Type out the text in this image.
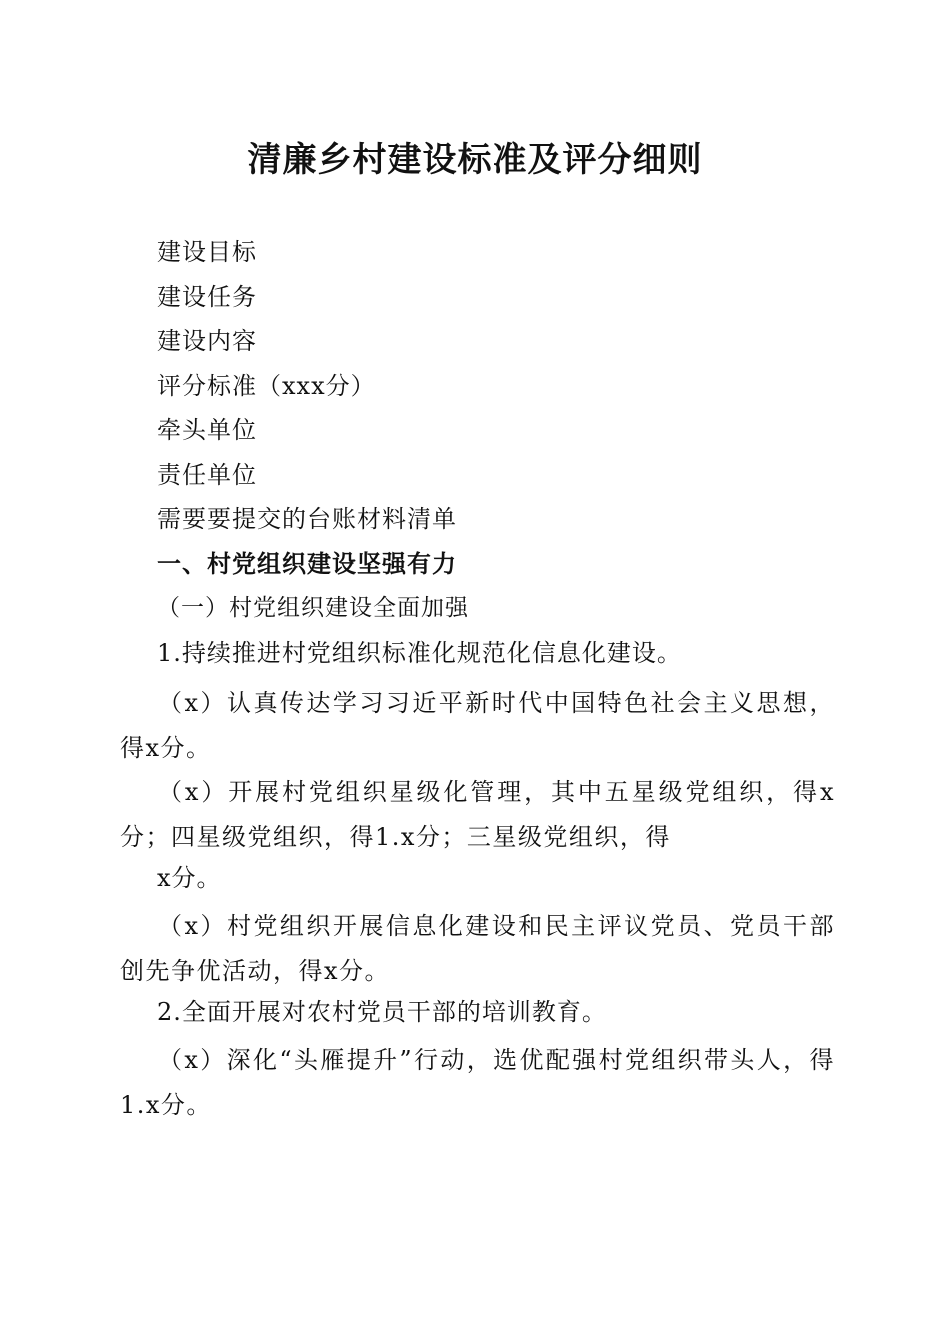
清廉乡村建设标准及评分细则
建设目标
建设任务
建设内容
评分标准（xxx分）
牵头单位
责任单位
需要要提交的台账材料清单
一、村党组织建设坚强有力
（一）村党组织建设全面加强
1.持续推进村党组织标准化规范化信息化建设。

（x）认真传达学习习近平新时代中国特色社会主义思想，得x分。

（x）开展村党组织星级化管理，其中五星级党组织，得x分；四星级党组织，得1.x分；三星级党组织，得

x分。

（x）村党组织开展信息化建设和民主评议党员、党员干部创先争优活动，得x分。

2.全面开展对农村党员干部的培训教育。

（x）深化“头雁提升”行动，选优配强村党组织带头人，得1.x分。
